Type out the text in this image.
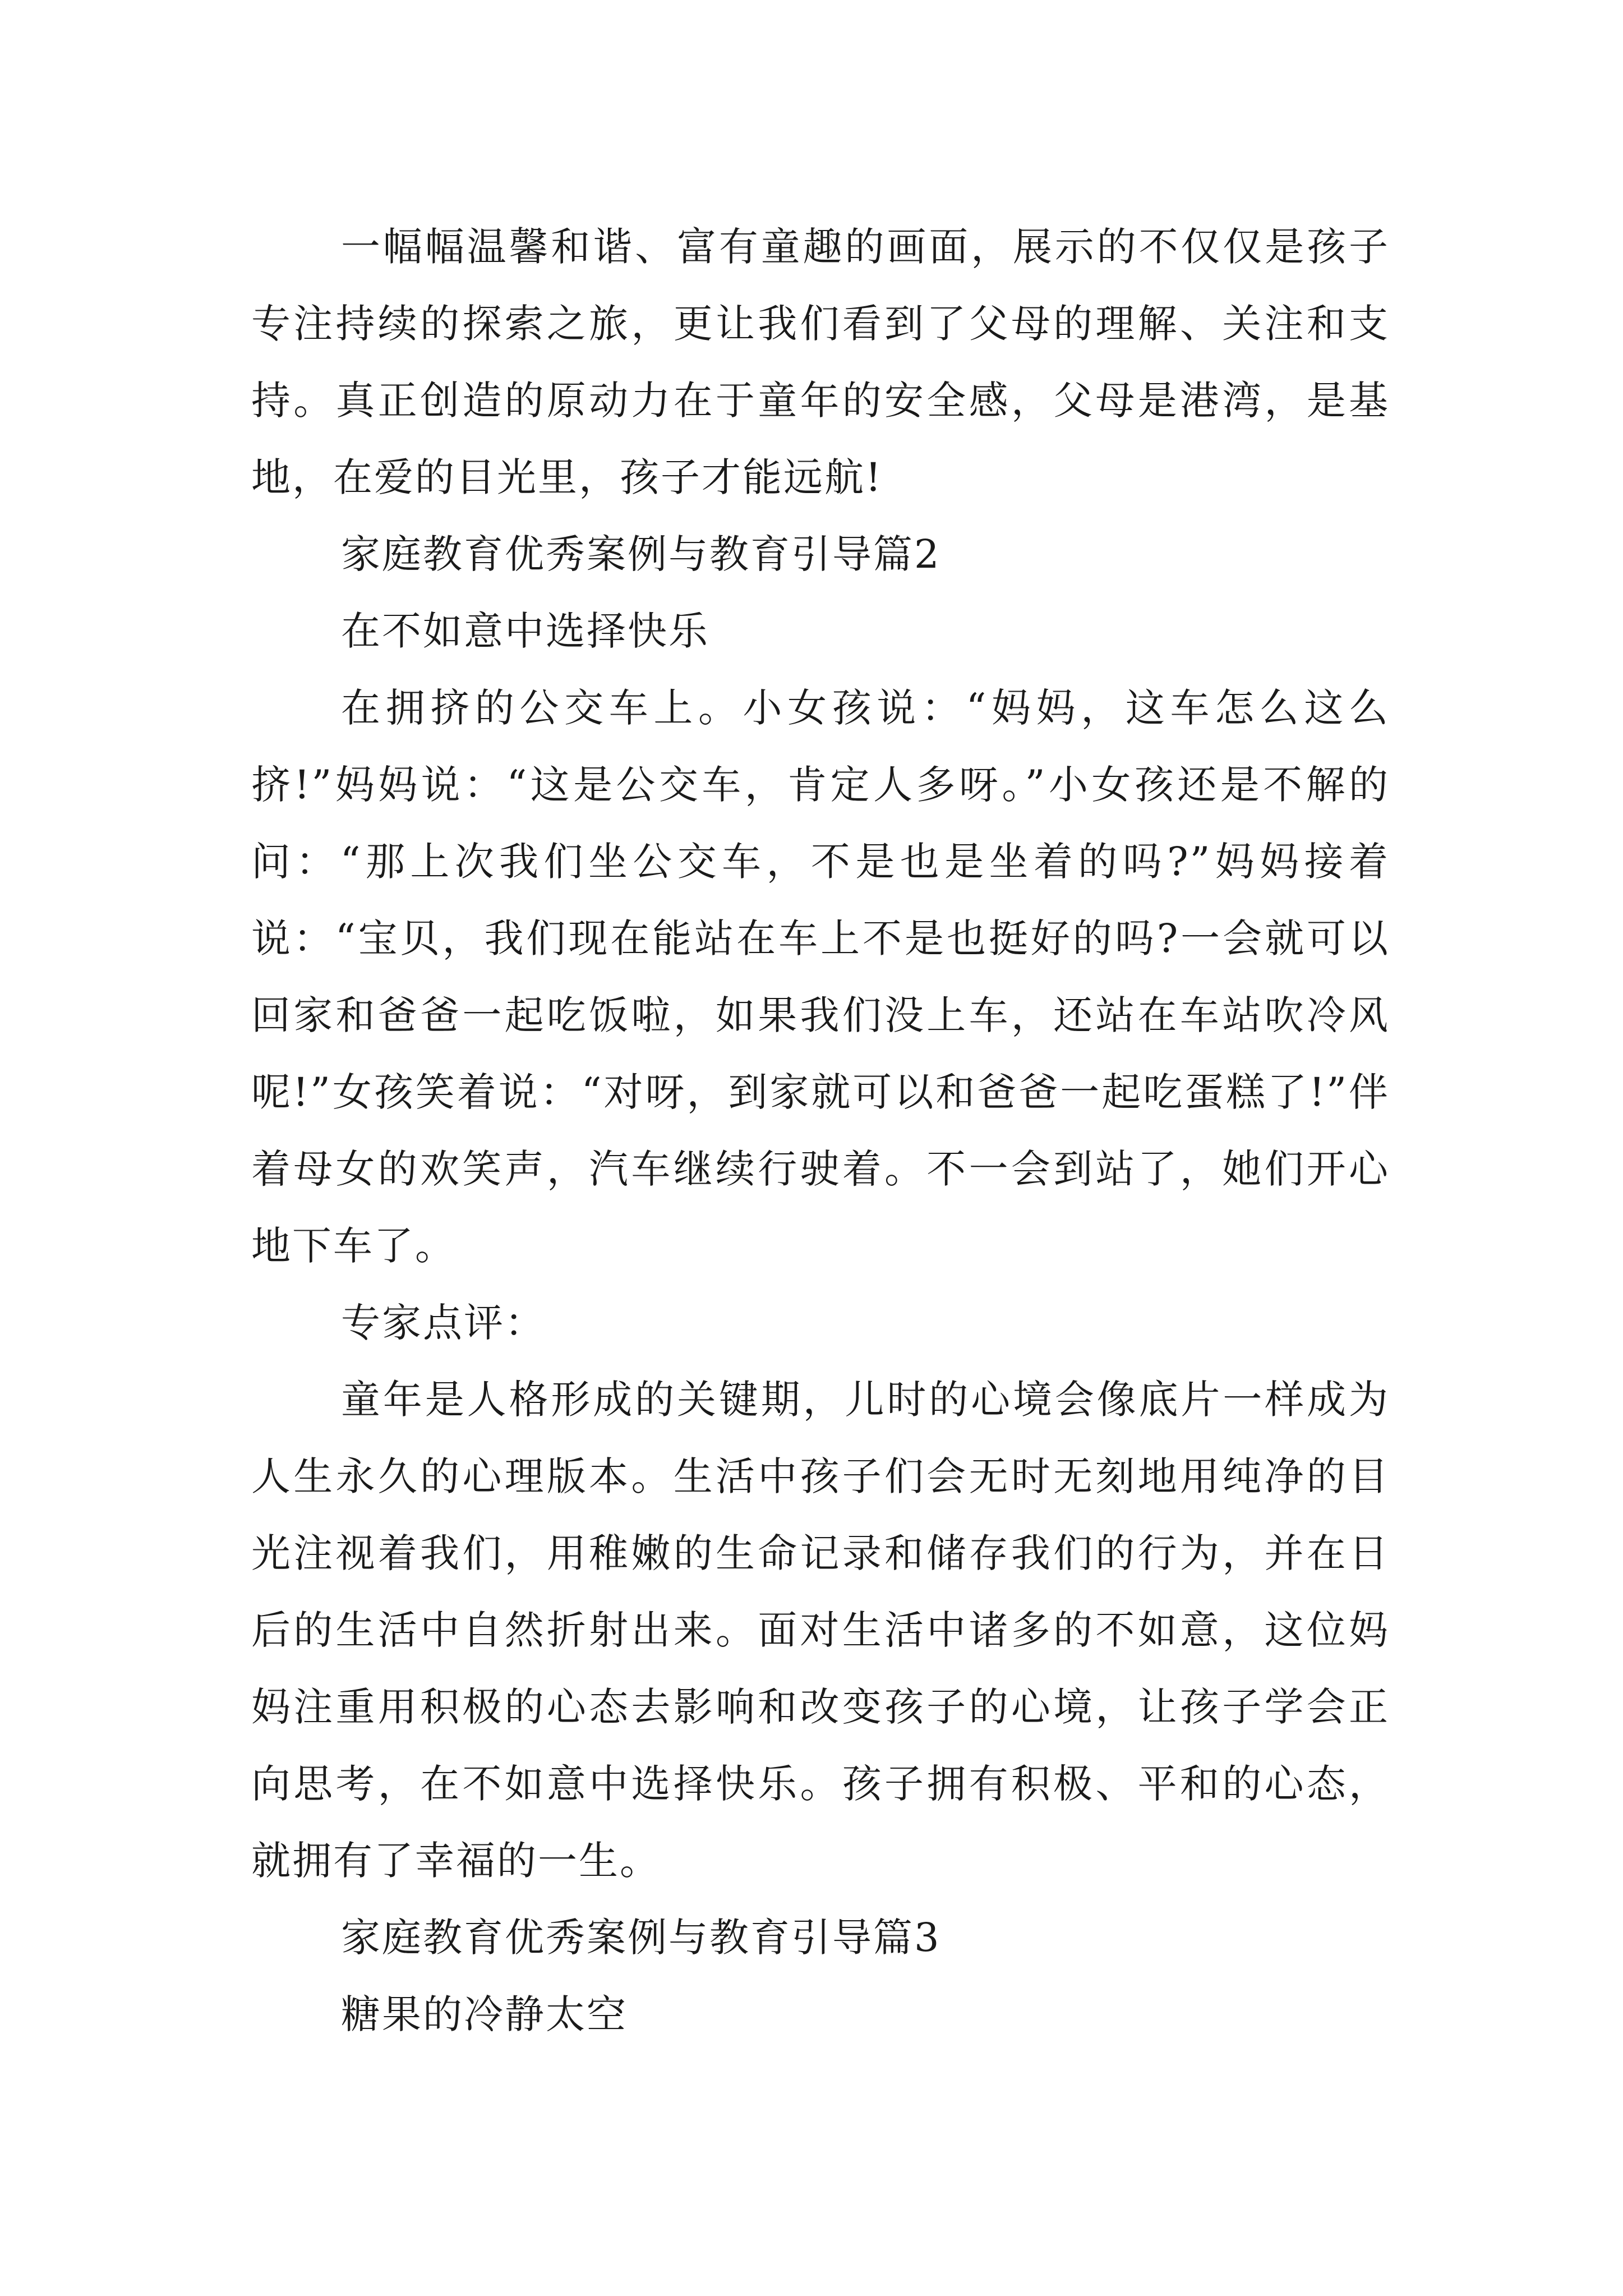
一幅幅温馨和谐、富有童趣的画面，展示的不仅仅是孩子专注持续的探索之旅，更让我们看到了父母的理解、关注和支持。真正创造的原动力在于童年的安全感，父母是港湾，是基地，在爱的目光里，孩子才能远航!

家庭教育优秀案例与教育引导篇2

在不如意中选择快乐

在拥挤的公交车上。小女孩说：“妈妈，这车怎么这么挤!”妈妈说：“这是公交车，肯定人多呀。”小女孩还是不解的问：“那上次我们坐公交车，不是也是坐着的吗?”妈妈接着说：“宝贝，我们现在能站在车上不是也挺好的吗?一会就可以回家和爸爸一起吃饭啦，如果我们没上车，还站在车站吹冷风呢!”女孩笑着说：“对呀，到家就可以和爸爸一起吃蛋糕了!”伴着母女的欢笑声，汽车继续行驶着。不一会到站了，她们开心地下车了。

专家点评：

童年是人格形成的关键期，儿时的心境会像底片一样成为人生永久的心理版本。生活中孩子们会无时无刻地用纯净的目光注视着我们，用稚嫩的生命记录和储存我们的行为，并在日后的生活中自然折射出来。面对生活中诸多的不如意，这位妈妈注重用积极的心态去影响和改变孩子的心境，让孩子学会正向思考，在不如意中选择快乐。孩子拥有积极、平和的心态，就拥有了幸福的一生。

家庭教育优秀案例与教育引导篇3

糖果的冷静太空
